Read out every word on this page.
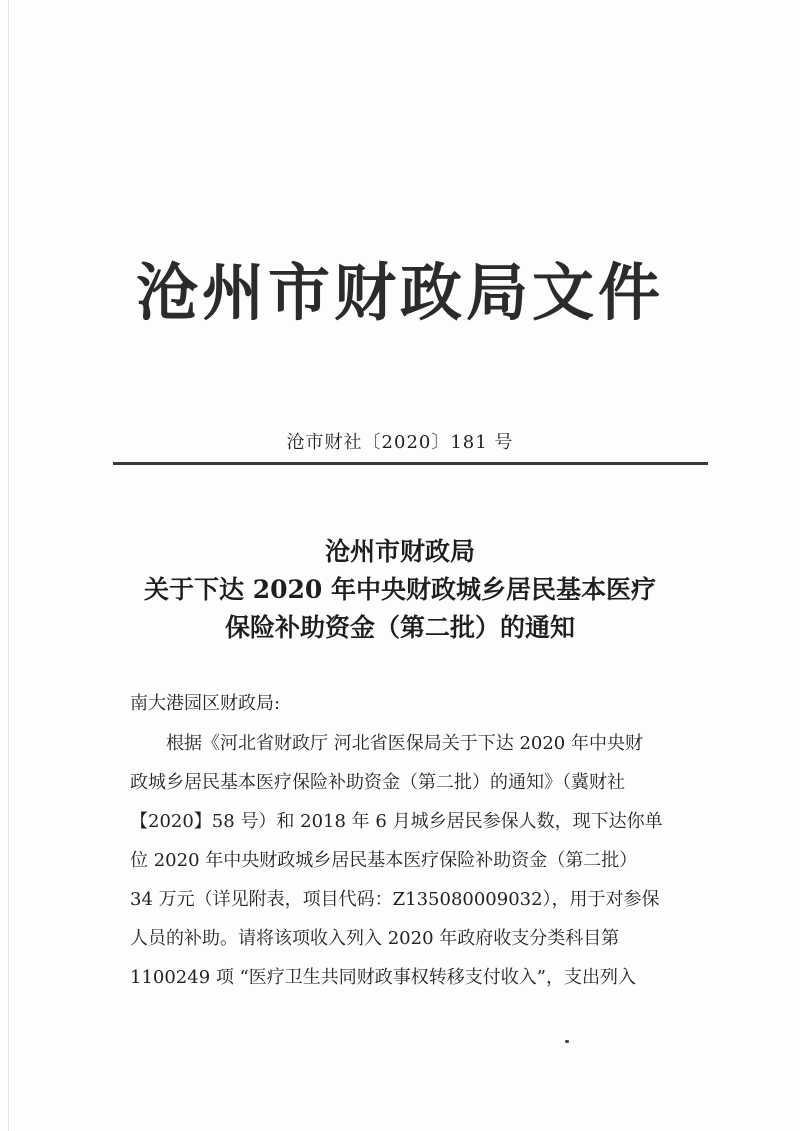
沧州市财政局文件
沧市财社〔2020〕181 号
沧州市财政局
关于下达 2020 年中央财政城乡居民基本医疗
保险补助资金（第二批）的通知
南大港园区财政局:
根据《河北省财政厅 河北省医保局关于下达 2020 年中央财
政城乡居民基本医疗保险补助资金（第二批）的通知》（冀财社
【2020】58 号）和 2018 年 6 月城乡居民参保人数，现下达你单
位 2020 年中央财政城乡居民基本医疗保险补助资金（第二批）
34 万元（详见附表，项目代码：Z135080009032），用于对参保
人员的补助。请将该项收入列入 2020 年政府收支分类科目第
1100249 项 “医疗卫生共同财政事权转移支付收入”，支出列入
